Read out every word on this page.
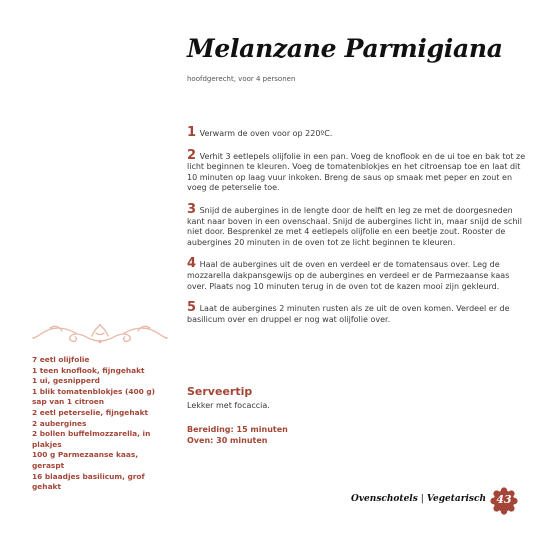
Melanzane Parmigiana
hoofdgerecht, voor 4 personen
1 Verwarm de oven voor op 220ºC.

2 Verhit 3 eetlepels olijfolie in een pan. Voeg de knoflook en de ui toe en bak tot ze licht beginnen te kleuren. Voeg de tomatenblokjes en het citroensap toe en laat dit 10 minuten op laag vuur inkoken. Breng de saus op smaak met peper en zout en voeg de peterselie toe.

3 Snijd de aubergines in de lengte door de helft en leg ze met de doorgesneden kant naar boven in een ovenschaal. Snijd de aubergines licht in, maar snijd de schil niet door. Besprenkel ze met 4 eetlepels olijfolie en een beetje zout. Rooster de aubergines 20 minuten in de oven tot ze licht beginnen te kleuren.

4 Haal de aubergines uit de oven en verdeel er de tomatensaus over. Leg de mozzarella dakpansgewijs op de aubergines en verdeel er de Parmezaanse kaas over. Plaats nog 10 minuten terug in de oven tot de kazen mooi zijn gekleurd.

5 Laat de aubergines 2 minuten rusten als ze uit de oven komen. Verdeel er de basilicum over en druppel er nog wat olijfolie over.

Serveertip
Lekker met focaccia.
Bereiding: 15 minuten
Oven: 30 minuten
7 eetl olijfolie
1 teen knoflook, fijngehakt
1 ui, gesnipperd
1 blik tomatenblokjes (400 g)
sap van 1 citroen
2 eetl peterselie, fijngehakt
2 aubergines
2 bollen buffelmozzarella, in plakjes
100 g Parmezaanse kaas, geraspt
16 blaadjes basilicum, grof gehakt
Ovenschotels | Vegetarisch 43
